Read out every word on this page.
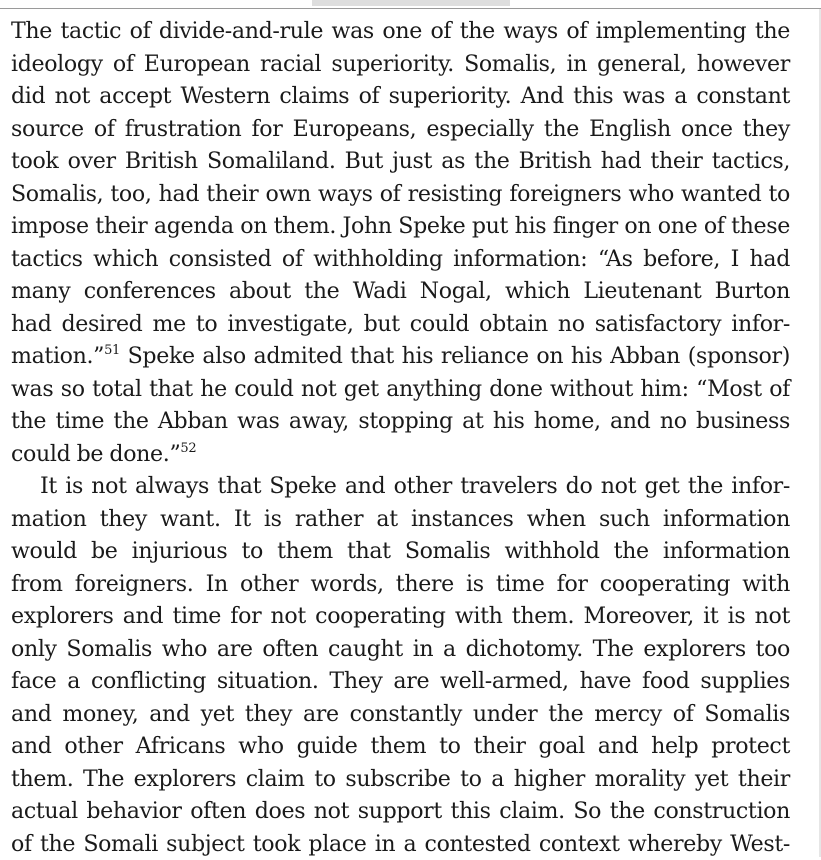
The tactic of divide-and-rule was one of the ways of implementing the
ideology of European racial superiority. Somalis, in general, however
did not accept Western claims of superiority. And this was a constant
source of frustration for Europeans, especially the English once they
took over British Somaliland. But just as the British had their tactics,
Somalis, too, had their own ways of resisting foreigners who wanted to
impose their agenda on them. John Speke put his finger on one of these
tactics which consisted of withholding information: “As before, I had
many conferences about the Wadi Nogal, which Lieutenant Burton
had desired me to investigate, but could obtain no satisfactory infor-
mation.”$^{51}$ Speke also admited that his reliance on his Abban (sponsor)
was so total that he could not get anything done without him: “Most of
the time the Abban was away, stopping at his home, and no business
could be done.”$^{52}$
It is not always that Speke and other travelers do not get the infor-
mation they want. It is rather at instances when such information
would be injurious to them that Somalis withhold the information
from foreigners. In other words, there is time for cooperating with
explorers and time for not cooperating with them. Moreover, it is not
only Somalis who are often caught in a dichotomy. The explorers too
face a conflicting situation. They are well-armed, have food supplies
and money, and yet they are constantly under the mercy of Somalis
and other Africans who guide them to their goal and help protect
them. The explorers claim to subscribe to a higher morality yet their
actual behavior often does not support this claim. So the construction
of the Somali subject took place in a contested context whereby West-
